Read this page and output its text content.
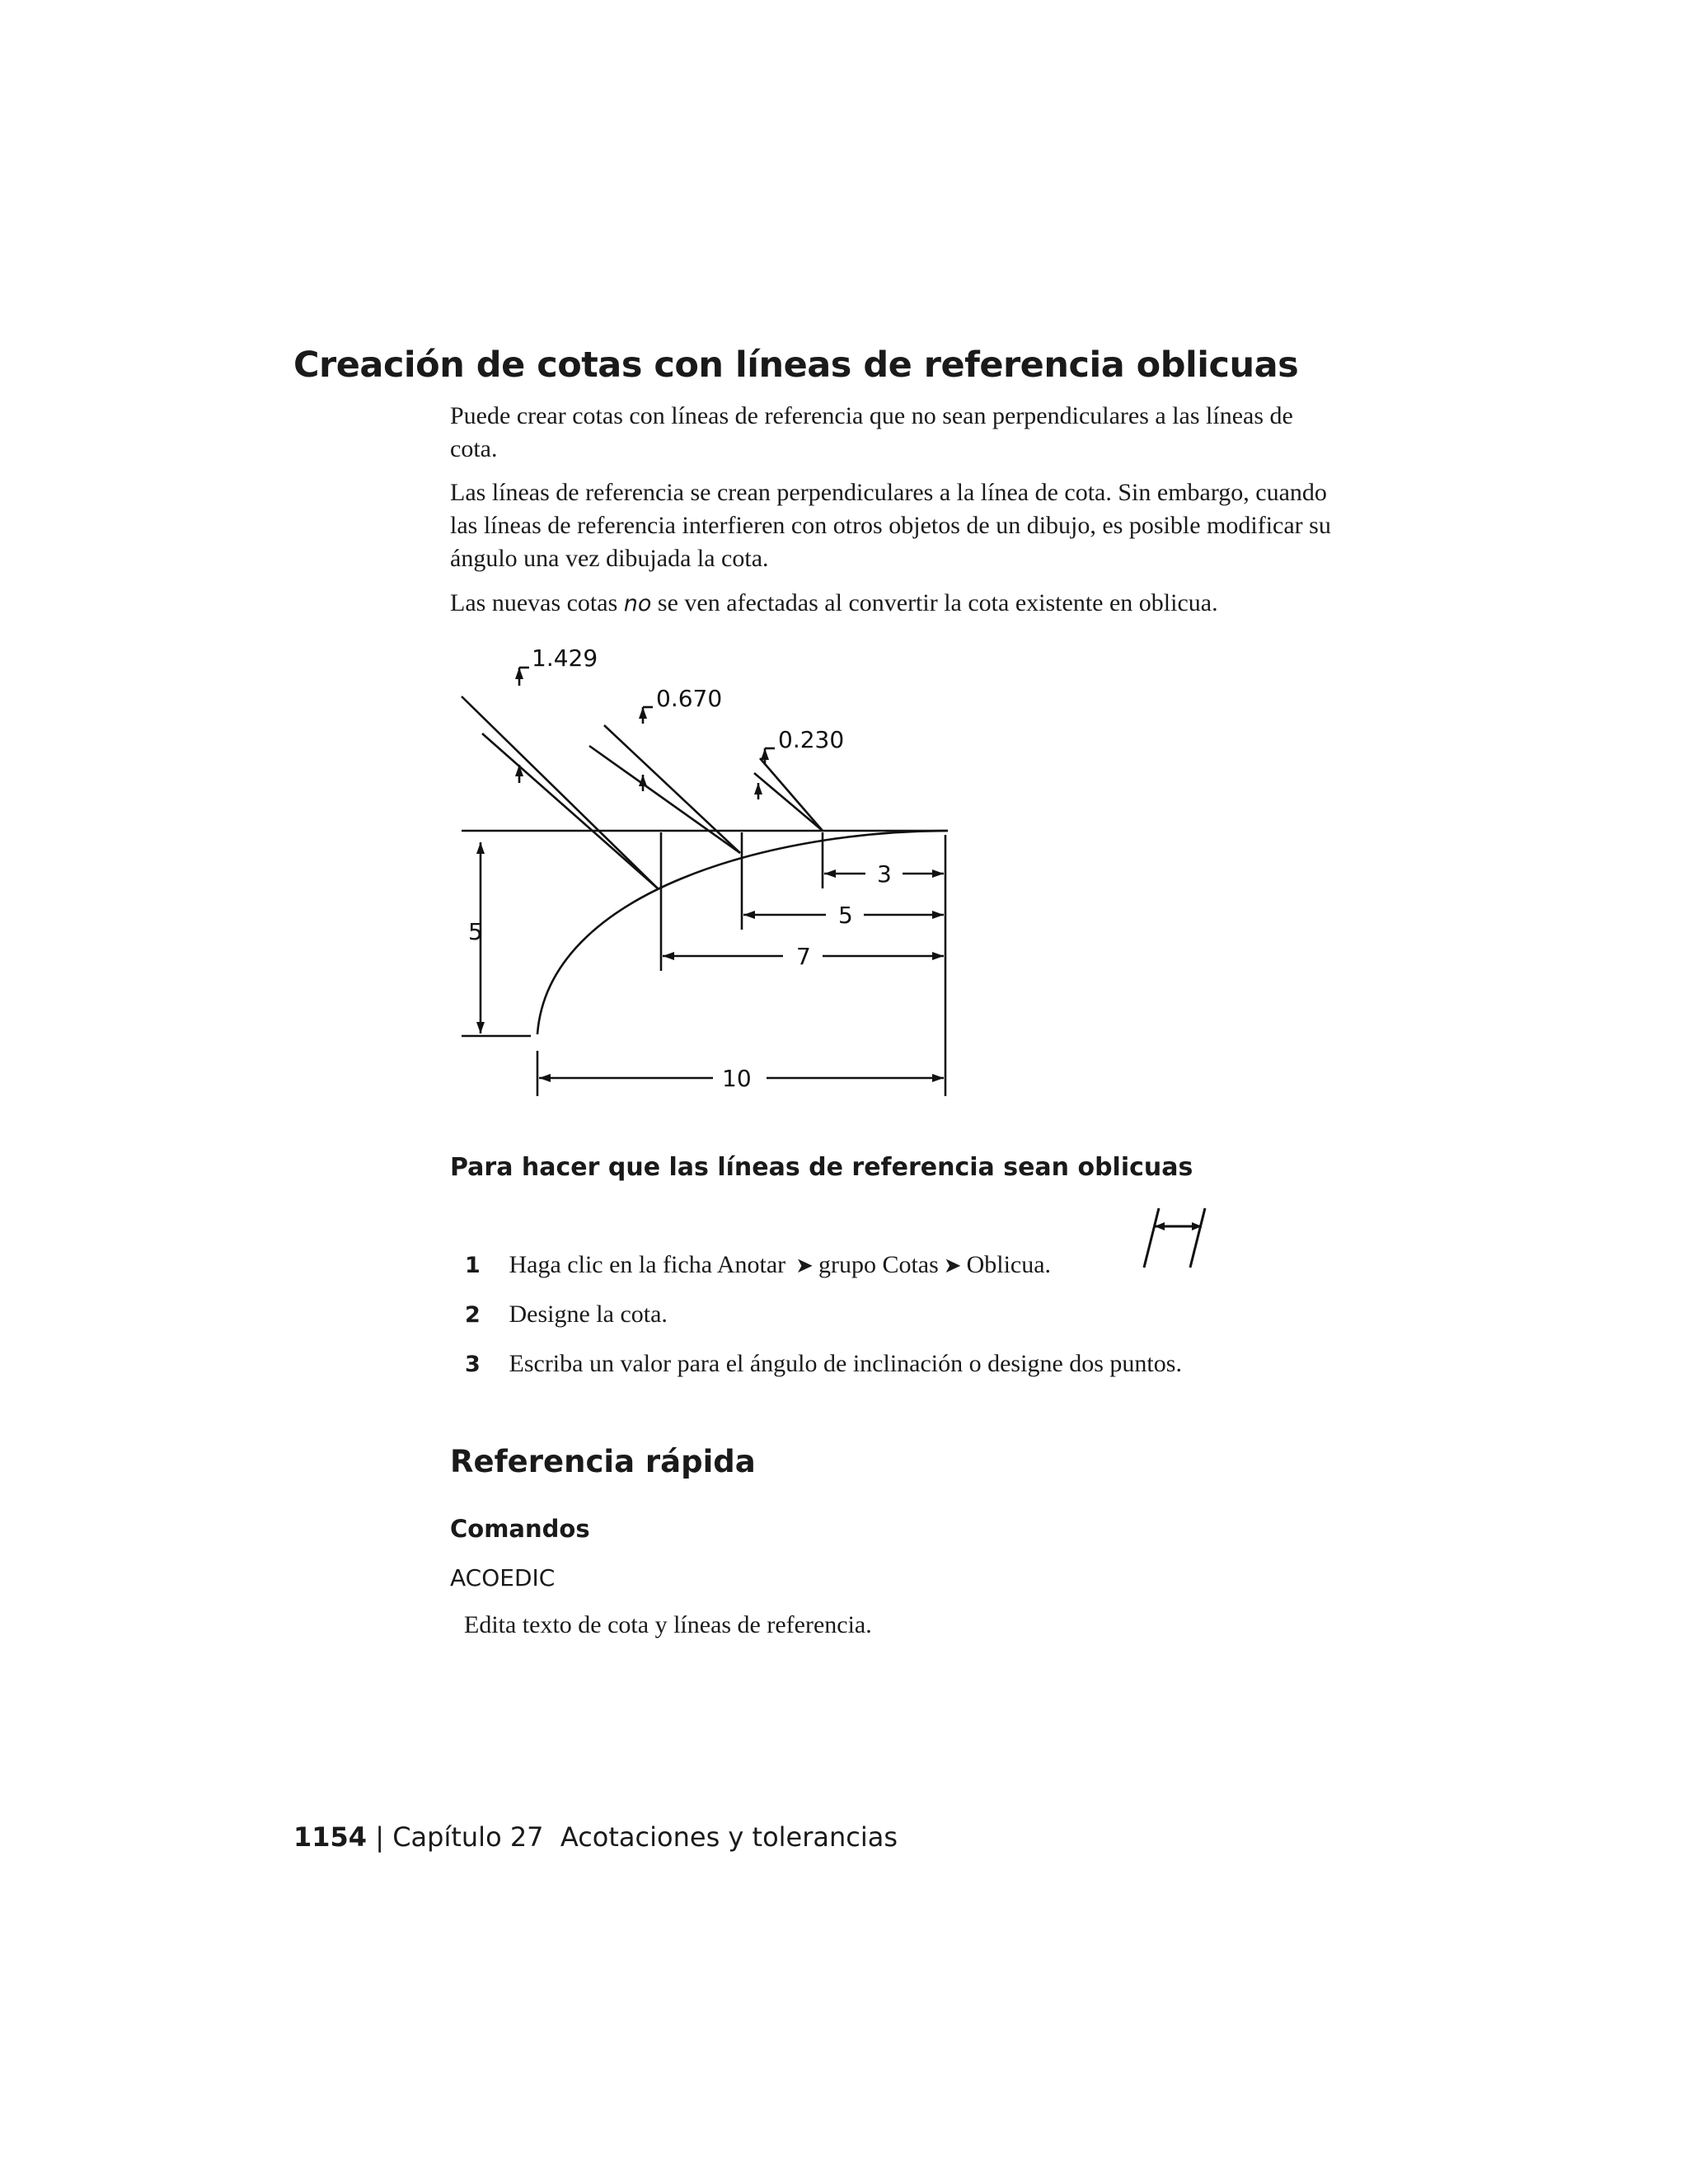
Creación de cotas con líneas de referencia oblicuas
Puede crear cotas con líneas de referencia que no sean perpendiculares a las líneas de cota.
Las líneas de referencia se crean perpendiculares a la línea de cota. Sin embargo, cuando las líneas de referencia interfieren con otros objetos de un dibujo, es posible modificar su ángulo una vez dibujada la cota.
Las nuevas cotas no se ven afectadas al convertir la cota existente en oblicua.
1.429
0.670
0.230
3
5
7
10
5
Para hacer que las líneas de referencia sean oblicuas
1 Haga clic en la ficha Anotar ➤ grupo Cotas ➤ Oblicua.
2 Designe la cota.
3 Escriba un valor para el ángulo de inclinación o designe dos puntos.
Referencia rápida
Comandos
ACOEDIC
Edita texto de cota y líneas de referencia.
1154 | Capítulo 27 Acotaciones y tolerancias
